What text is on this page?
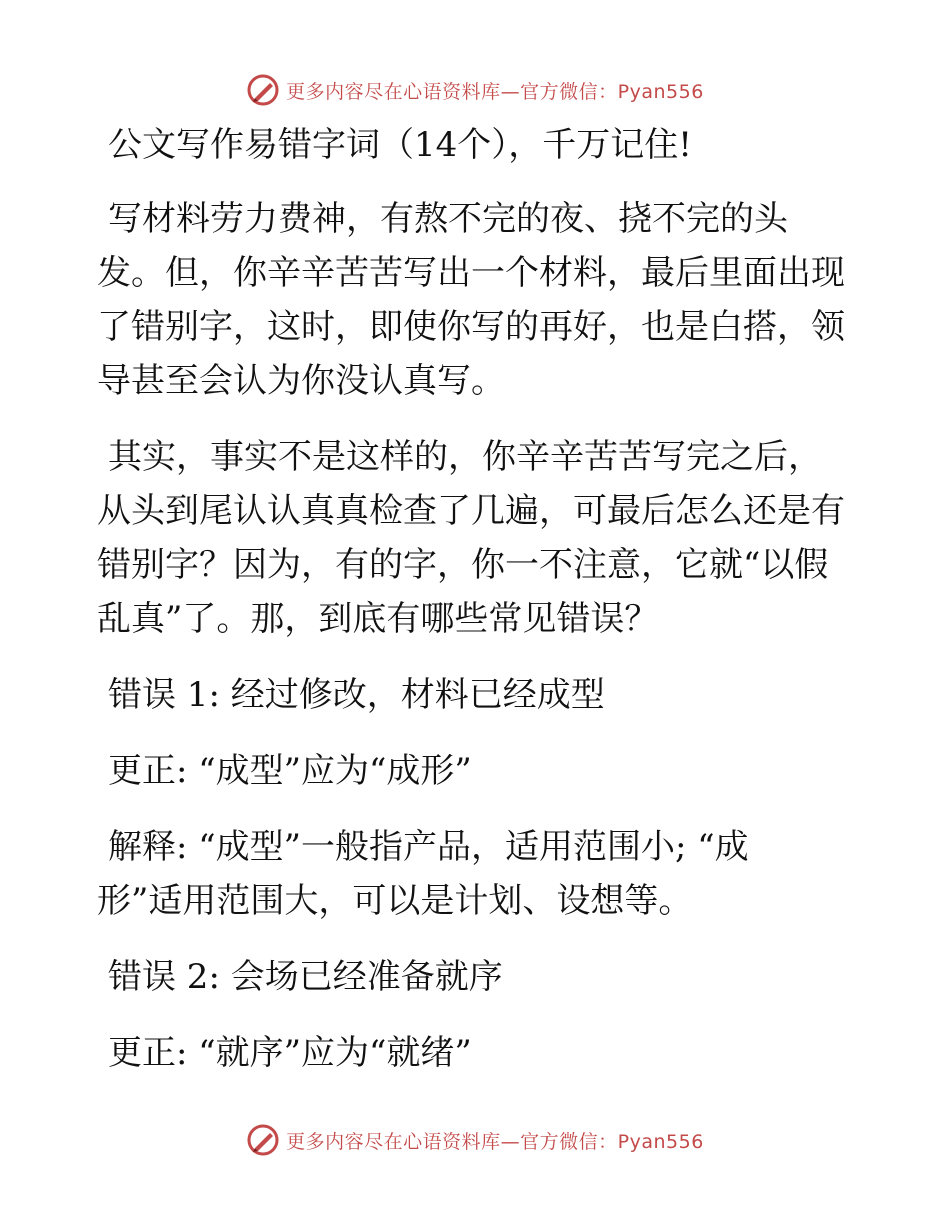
更多内容尽在心语资料库—官方微信：Pyan556
公文写作易错字词（14个），千万记住!
写材料劳力费神，有熬不完的夜、挠不完的头
发。但，你辛辛苦苦写出一个材料，最后里面出现
了错别字，这时，即使你写的再好，也是白搭，领
导甚至会认为你没认真写。
其实，事实不是这样的，你辛辛苦苦写完之后，
从头到尾认认真真检查了几遍，可最后怎么还是有
错别字？因为，有的字，你一不注意，它就“以假
乱真”了。那，到底有哪些常见错误？
错误 1: 经过修改，材料已经成型
更正: “成型”应为“成形”
解释: “成型”一般指产品，适用范围小; “成
形”适用范围大，可以是计划、设想等。
错误 2: 会场已经准备就序
更正: “就序”应为“就绪”
更多内容尽在心语资料库—官方微信：Pyan556
